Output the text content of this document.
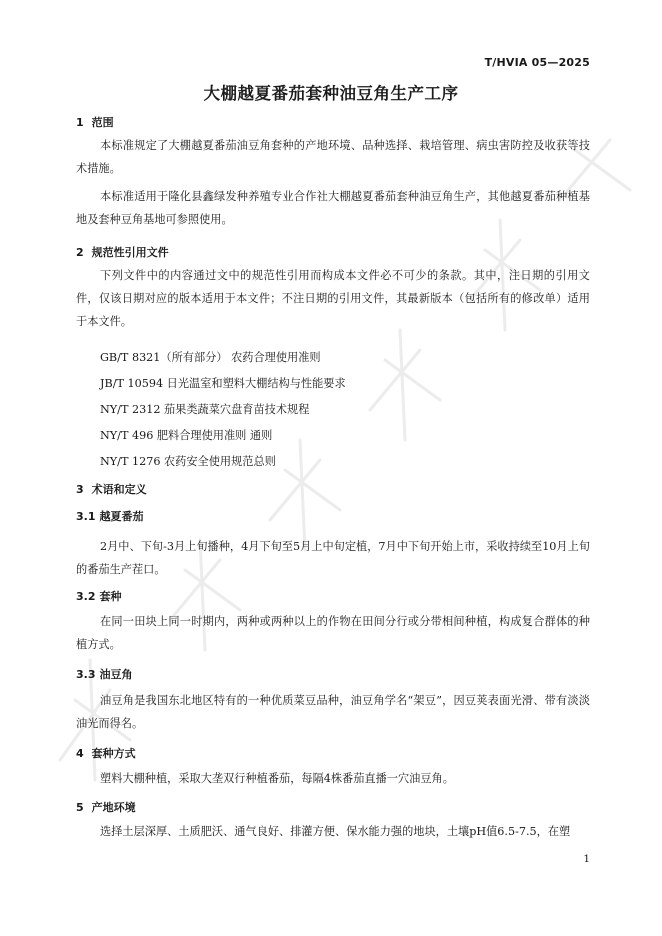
T/HVIA 05—2025
大棚越夏番茄套种油豆角生产工序
1 范围

本标准规定了大棚越夏番茄油豆角套种的产地环境、品种选择、栽培管理、病虫害防控及收获等技术措施。

本标准适用于隆化县鑫绿发种养殖专业合作社大棚越夏番茄套种油豆角生产，其他越夏番茄种植基地及套种豆角基地可参照使用。

2 规范性引用文件

下列文件中的内容通过文中的规范性引用而构成本文件必不可少的条款。其中，注日期的引用文件，仅该日期对应的版本适用于本文件；不注日期的引用文件，其最新版本（包括所有的修改单）适用于本文件。

GB/T 8321（所有部分） 农药合理使用准则
JB/T 10594 日光温室和塑料大棚结构与性能要求
NY/T 2312 茄果类蔬菜穴盘育苗技术规程
NY/T 496 肥料合理使用准则 通则
NY/T 1276 农药安全使用规范总则
3 术语和定义
3.1 越夏番茄

2月中、下旬-3月上旬播种，4月下旬至5月上中旬定植，7月中下旬开始上市，采收持续至10月上旬的番茄生产茬口。

3.2 套种

在同一田块上同一时期内，两种或两种以上的作物在田间分行或分带相间种植，构成复合群体的种植方式。

3.3 油豆角

油豆角是我国东北地区特有的一种优质菜豆品种，油豆角学名“架豆”，因豆荚表面光滑、带有淡淡油光而得名。

4 套种方式

塑料大棚种植，采取大垄双行种植番茄，每隔4株番茄直播一穴油豆角。

5 产地环境

选择土层深厚、土质肥沃、通气良好、排灌方便、保水能力强的地块，土壤pH值6.5-7.5，在塑

1
